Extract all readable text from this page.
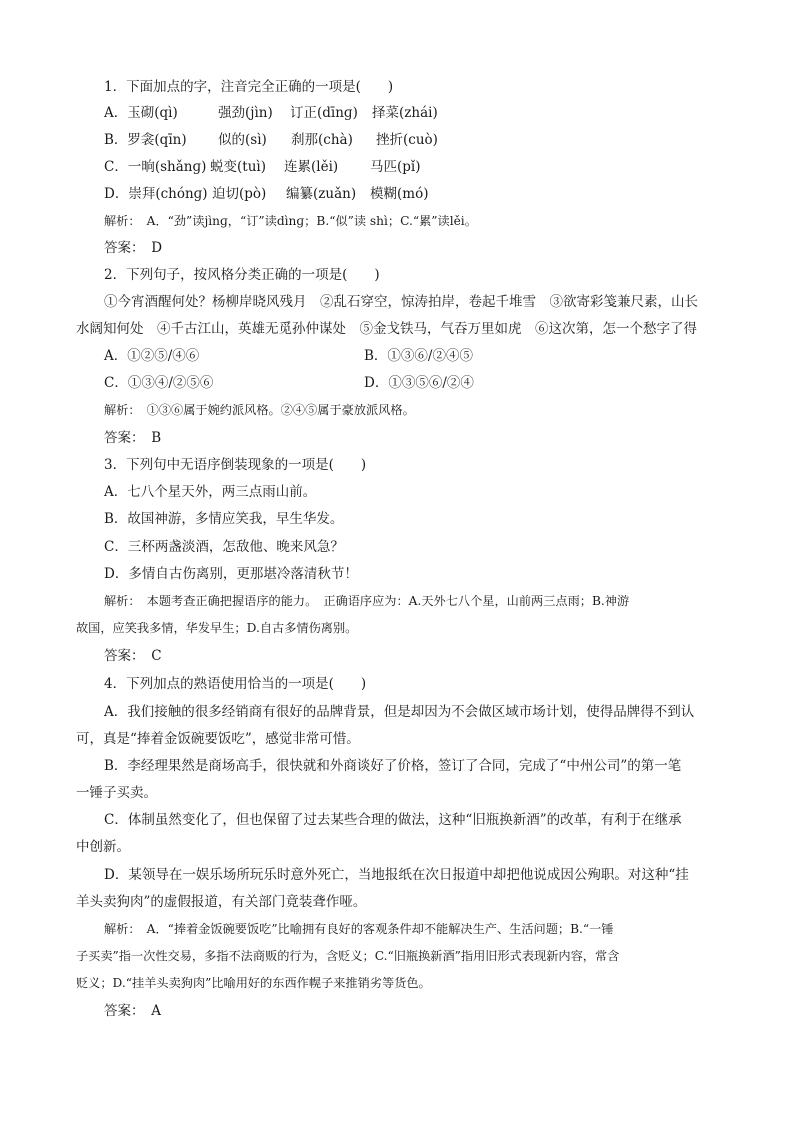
1．下面加点的字，注音完全正确的一项是(　　)
A．玉砌(qì)	强劲(jìn) 订正(dīnɡ) 择菜(zhái)
B．罗衾(qīn) 似的(sì) 刹那(chà) 挫折(cuò)
C．一晌(shǎnɡ) 蜕变(tuì) 连累(lěi) 马匹(pǐ)
D．崇拜(chónɡ) 迫切(pò) 编纂(zuǎn) 模糊(mó)
解析：　A．“劲”读jìnɡ，“订”读dìnɡ；B.“似”读 shì；C.“累”读lěi。
答案：　D
2．下列句子，按风格分类正确的一项是(　　)
①今宵酒醒何处？杨柳岸晓风残月　②乱石穿空，惊涛拍岸，卷起千堆雪　③欲寄彩笺兼尺素，山长
水阔知何处　④千古江山，英雄无觅孙仲谋处　⑤金戈铁马，气吞万里如虎　⑥这次第，怎一个愁字了得
A．①②⑤/④⑥	B．①③⑥/②④⑤
C．①③④/②⑤⑥	D．①③⑤⑥/②④
解析：　①③⑥属于婉约派风格。②④⑤属于豪放派风格。
答案：　B
3．下列句中无语序倒装现象的一项是(　　)
A．七八个星天外，两三点雨山前。
B．故国神游，多情应笑我，早生华发。
C．三杯两盏淡酒，怎敌他、晚来风急？
D．多情自古伤离别，更那堪冷落清秋节！
解析：　本题考查正确把握语序的能力。　正确语序应为：A.天外七八个星，山前两三点雨；B.神游
故国，应笑我多情，华发早生；D.自古多情伤离别。
答案：　C
4．下列加点的熟语使用恰当的一项是(　　)
A．我们接触的很多经销商有很好的品牌背景，但是却因为不会做区域市场计划，使得品牌得不到认
可，真是“捧着金饭碗要饭吃”，感觉非常可惜。
B．李经理果然是商场高手，很快就和外商谈好了价格，签订了合同，完成了“中州公司”的第一笔
一锤子买卖。
C．体制虽然变化了，但也保留了过去某些合理的做法，这种“旧瓶换新酒”的改革，有利于在继承
中创新。
D．某领导在一娱乐场所玩乐时意外死亡，当地报纸在次日报道中却把他说成因公殉职。对这种“挂
羊头卖狗肉”的虚假报道，有关部门竟装聋作哑。
解析：　A．“捧着金饭碗要饭吃”比喻拥有良好的客观条件却不能解决生产、生活问题；B.“一锤
子买卖”指一次性交易，多指不法商贩的行为，含贬义；C.“旧瓶换新酒”指用旧形式表现新内容，常含
贬义；D.“挂羊头卖狗肉”比喻用好的东西作幌子来推销劣等货色。
答案：　A
